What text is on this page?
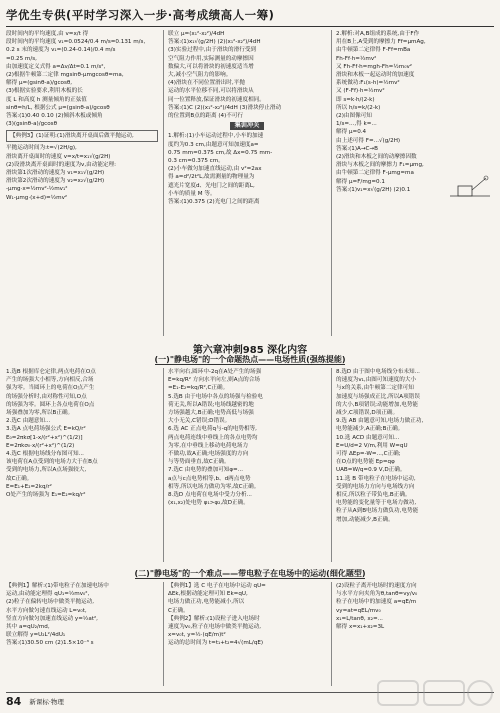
学优生专供(平时学习深入一步·高考成绩高人一筹)

段时间内的平均速度,由 v=x/t 得

段时间内的平均速度 v₁=0.0524/0.4 m/s=0.131 m/s,

0.2 s 末的速度为 v₁=(0.24-0.14)/0.4 m/s

=0.25 m/s,

由加速度定义式得 a=Δv/Δt=0.1 m/s²,

(2)根据牛顿第二定律 mgsinθ-μmgcosθ=ma,

解得 μ=(gsinθ-a)/gcosθ,

(3)根据实验要求,利用木板的长

度 L 和高度 h 测量倾角的正弦值

sinθ=h/L, 根据公式 μ=(gsinθ-a)/gcosθ

答案:(1)0.40 0.10 (2)倾斜木板或倾角

(3)(gsinθ-a)/gcosθ

【典例3】(1)证明:(1)滑块离开桌面后做平抛运动,

平抛运动时间为:t=√(2H/g),

滑块离开桌面时的速度 v=x/t=x₁√(g/2H)

(2)设滑块离开桌面时的速度为v,由动能定理:

滑块第1次滑动的速度为 v₁=x₁√(g/2H)

滑块第2次滑动的速度为 v₂=x₂√(g/2H)

-μmg·x=½mv²-½mv₁²

W₁-μmg·(x+d)=½mv²

联立 μ=(x₁²-x₂²)/4dH

答案:(1)x₁√(g/2H) (2)(x₁²-x₂²)/4dH

(3)实验过程中,由于滑块的滑行受到

空气阻力作用,实际测量的动摩擦因

数偏大,可以将滑块的初速度适当增

大,减小空气阻力的影响。

(4)滑块在不同位置滑出时,平抛

运动的水平位移不同,可以将滑块从

同一位置释放,保证滑块的初速度相同。

答案:(1)C (2)(x₁²-x₂²)/4dH (3)滑块停止滑动

的位置到B点的距离 (4)不可行

集训冲关

1.解析:(1)小车运动过程中,小车的加速

度约为0.3 cm,由题意可知加速度a=

0.75 mm=0.375 cm,故 Δx=0.75 mm-

0.3 cm=0.375 cm。

(2)小车做匀加速直线运动,由 v²=2ax

得 a=d²/2t²L,故需测量的物理量为

遮光片宽度d、光电门之间的距离L,

小车的质量 M 等。

答案:(1)0.375 (2)光电门之间的距离

2.解析:对A,B组成的系统,由于F作

用在B上,A受到的摩擦力 Ff=μmAg,

由牛顿第二定律得 F-Ff=mBa

Fh-Ff·h=½mv²

又 Fh-Ff·h=mgh-Fh=½m₀v²

滑块和木板一起运动时的加速度

系统做功:F₁(s-h)=½mv²

又 (F-Ff)·h=½mv²

即 s=k·h/(2-k)

所以 h/s=k/(2-k)

(2)由图像可知

1/s=...,得 k=...

解得 μ=0.4

由上述可得 F=...√(g/2H)

答案:(1)A→C→B

(2)滑块和木板之间的动摩擦因数

滑块与木板之间的摩擦力 F₁=μmg,

由牛顿第二定律得 F-μmg=ma

解得 μ=F/mg=0.1

答案:(1)v₁=x√(g/2H) (2)0.1

第六章冲刺985 深化内容
(一)"静电场"的一个命题热点——电场性质(强练提能)

1.选B 根据库仑定律,两点电荷在O点

产生的场强大小相等,方向相反,合场

强为零。当圆环上的电荷在O点产生

的场强分析时,由对称性可知,O点

的场强为零。圆环上各点电荷在O点

场强叠加为零,所以B正确。

2.选C 由题意知...

3.选A 点电荷场强公式 E=kQ/r²

E₀=2πkσ[1-x/(r²+x²)^(1/2)]

E=2πkσ₀·x/(r²+x²)^(1/2)

4.选C 根据电场线分布图可知...

该电荷在A点受到的电场力大于在B点

受到的电场力,所以A点场强较大,

故C正确。

E=E₁+E₂=2kq/r²

O处产生的场强为 E₁=E₂=kq/r²

水平向右,圆环中-2q在A处产生的场强

E=kq/R² 方向水平向左,则A点的合场

=E₁-E₂=kq/R²,C正确。

5.选B 由于电场中各点的场强与检验电

荷无关,所以A错误;电场线越密的地

方场强越大,B正确;电势高低与场强

大小无关,C错误;D错误。

6.选 AC 正点电荷q与-q的电势相等,

两点电荷连线中垂线上的各点电势均

为零,在中垂线上移动电荷电场力

不做功,故A正确;电场强度的方向

与等势面垂直,故C正确。

7.选C 由电势的叠加可知φ=...

a点与c点电势相等,b、d两点电势

相等,所以电场力做功为零,故C正确。

8.选D 点电荷在电场中受力分析...

(x₁,x₂)处电势 φ₁>φ₂,故D正确。

8.选D 由于图中电场线分布未知...

的速度为v₁,由图可知速度的大小

与x的关系,由牛顿第二定律可知

加速度与场强成正比,所以A项错误

的大小,B项错误;动能增加,电势能

减少,C项错误,D项正确。

9.选 AB 由题意可知,电场力做正功,

电势能减少,A正确;B正确。

10.选 ACD 由题意可知...

E=U/d=2 V/m,利用 W=qU

可得 ΔEp=-W=...,C正确;

在O点的电势能 Ep=qφ

UAB=W/q=0.9 V,D正确。

11.选 B 带电粒子在电场中运动,

受到的电场力方向与电场线方向

相反,所以粒子带负电,B正确。

电势能的变化量等于电场力做功,

粒子从A到B电场力做负功,电势能

增加,动能减少,B正确。

(二)"静电场"的一个难点——带电粒子在电场中的运动(细化题型)

【典例1】解析:(1)带电粒子在加速电场中

运动,由动能定理得 qU₁=½mv₀²,

(2)粒子在偏转电场中做类平抛运动,

水平方向做匀速直线运动 L=v₀t,

竖直方向做匀加速直线运动 y=½at²,

其中 a=qU₂/md,

联立解得 y=U₂L²/4dU₁

答案:(1)30.50 cm (2)1.5×10⁻³ s

【典例1】选 C 电子在电场中运动 qU=

ΔEk,根据动能定理可知 Ek=qU,

电场力做正功,电势能减小,所以

C正确。

【典例2】解析:(1)设粒子进入电场时

速度为v₀,粒子在电场中做类平抛运动,

x=v₀t, y=½·(qE/m)t²

运动的总时间为 t=t₁+t₂=4√(mL/qE)

(2)设粒子离开电场时的速度方向

与水平方向夹角为θ,tanθ=vy/v₀

粒子在电场中的加速度 a=qE/m

vy=at=qEL/mv₀

x₁=L/tanθ, x₂=...

解得 x=x₁+x₂=3L

84 新课标·物理
